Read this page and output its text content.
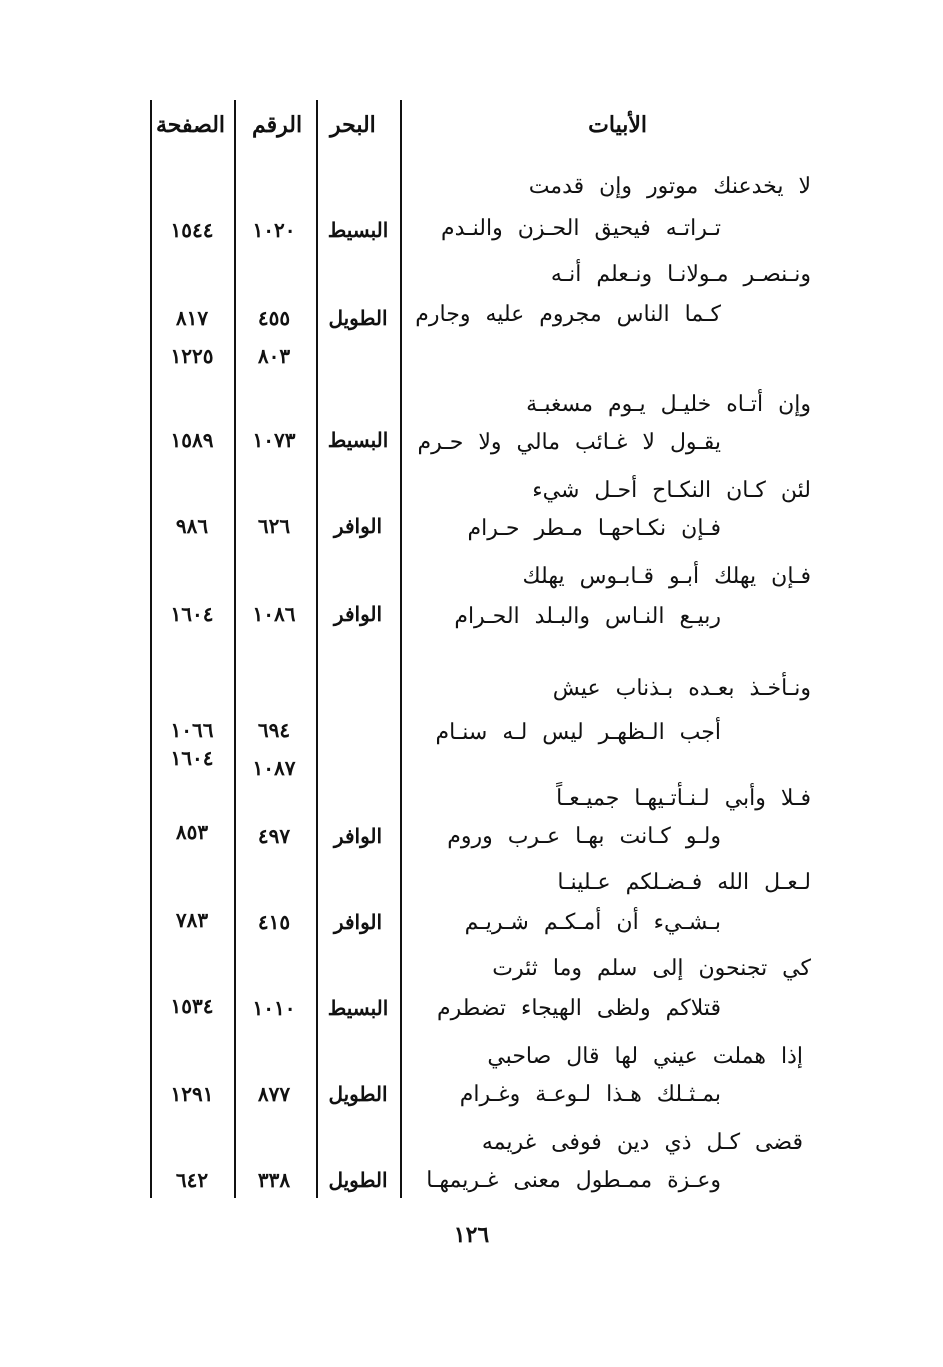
الأبيات
البحر
الرقم
الصفحة
لا يخدعنك موتور وإن قدمت
تـراتـه فيحيق الحـزن والنـدم
البسيط
١٠٢٠
١٥٤٤
ونـنصـر مـولانـا ونـعلم أنـه
كـما الناس مجروم عليه وجارم
الطويل
٤٥٥
٨١٧
٨٠٣
١٢٢٥
وإن أتـاه خليـل يـوم مسغبـة
يقـول لا غـائب مالي ولا حـرم
البسيط
١٠٧٣
١٥٨٩
لئن كـان النكـاح أحـل شيء
فـإن نكـاحهـا مـطر حـرام
الوافر
٦٢٦
٩٨٦
فـإن يهلك أبـو قـابـوس يهلك
ربيـع النـاس والبـلد الحـرام
الوافر
١٠٨٦
١٦٠٤
ونـأخـذ بعـده بـذناب عيش
أجب الـظهـر ليس لـه سنـام
٦٩٤
١٠٦٦
١٠٨٧
١٦٠٤
فـلا وأبي لـنـأتـيهـا جميـعـاً
ولـو كـانت بهـا عـرب وروم
الوافر
٤٩٧
٨٥٣
لـعـل الله فـضـلكم عـلينـا
بـشـيء أن أمـكـم شـريـم
الوافر
٤١٥
٧٨٣
كي تجنحون إلى سلم وما ثئرت
قتلاكم ولظى الهيجاء تضطرم
البسيط
١٠١٠
١٥٣٤
إذا هملت عيني لها قال صاحبي
بمـثـلك هـذا لـوعـة وغـرام
الطويل
٨٧٧
١٢٩١
قضى كـل ذي دين فوفى غريمه
وعـزة ممـطول معنى غـريمهـا
الطويل
٣٣٨
٦٤٢
١٢٦
